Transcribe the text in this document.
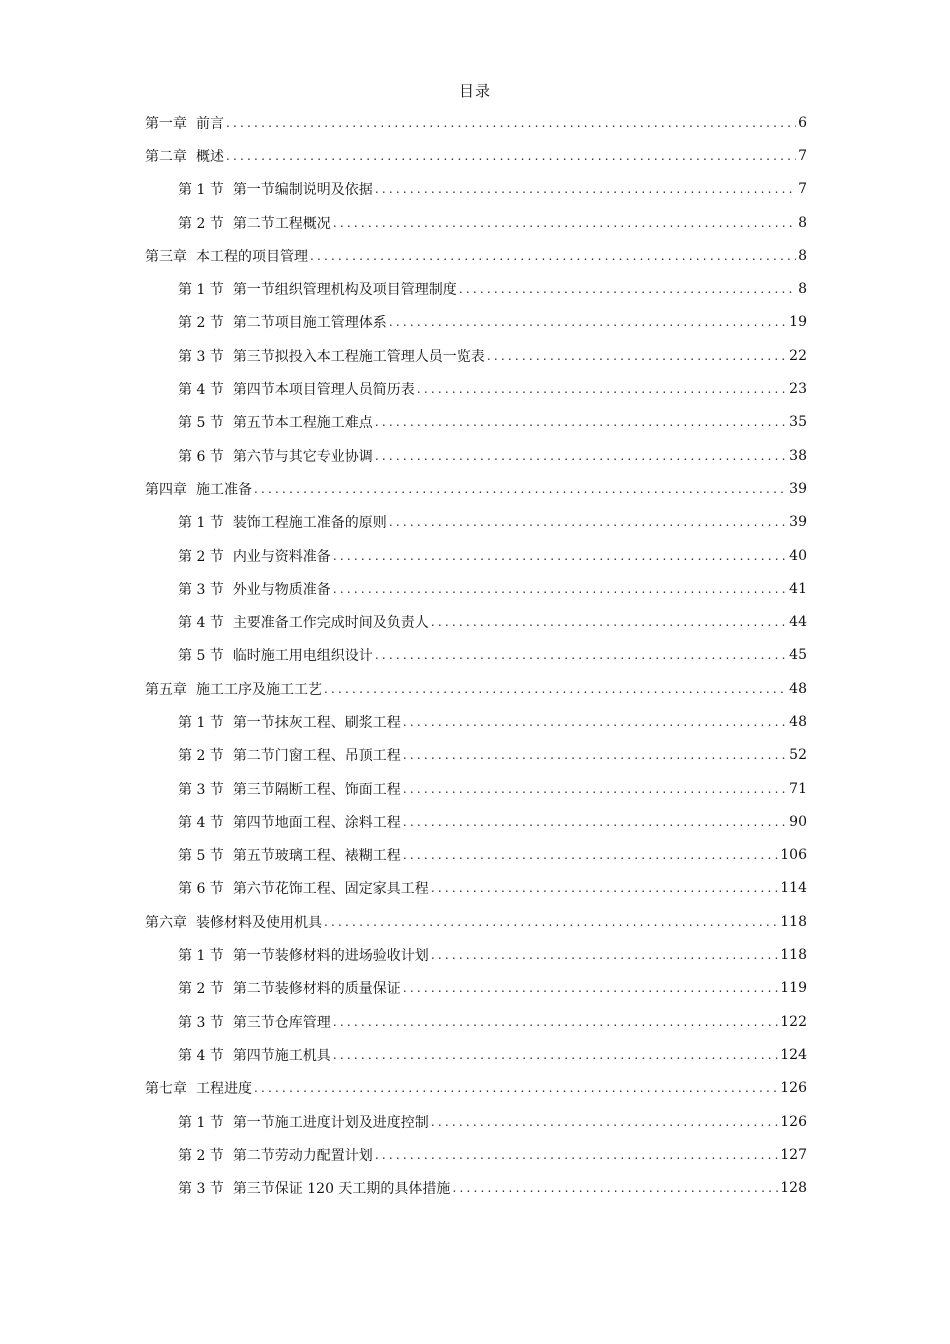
目录
第一章 前言 .....	6
第二章 概述 .....	7
第 1 节 第一节编制说明及依据 .....	7
第 2 节 第二节工程概况 .....	8
第三章 本工程的项目管理 .....	8
第 1 节 第一节组织管理机构及项目管理制度 .....	8
第 2 节 第二节项目施工管理体系 .....	19
第 3 节 第三节拟投入本工程施工管理人员一览表 .....	22
第 4 节 第四节本项目管理人员简历表 .....	23
第 5 节 第五节本工程施工难点 .....	35
第 6 节 第六节与其它专业协调 .....	38
第四章 施工准备 .....	39
第 1 节 装饰工程施工准备的原则 .....	39
第 2 节 内业与资料准备 .....	40
第 3 节 外业与物质准备 .....	41
第 4 节 主要准备工作完成时间及负责人 .....	44
第 5 节 临时施工用电组织设计 .....	45
第五章 施工工序及施工工艺 .....	48
第 1 节 第一节抹灰工程、刷浆工程 .....	48
第 2 节 第二节门窗工程、吊顶工程 .....	52
第 3 节 第三节隔断工程、饰面工程 .....	71
第 4 节 第四节地面工程、涂料工程 .....	90
第 5 节 第五节玻璃工程、裱糊工程 .....	106
第 6 节 第六节花饰工程、固定家具工程 .....	114
第六章 装修材料及使用机具 .....	118
第 1 节 第一节装修材料的进场验收计划 .....	118
第 2 节 第二节装修材料的质量保证 .....	119
第 3 节 第三节仓库管理 .....	122
第 4 节 第四节施工机具 .....	124
第七章 工程进度 .....	126
第 1 节 第一节施工进度计划及进度控制 .....	126
第 2 节 第二节劳动力配置计划 .....	127
第 3 节 第三节保证 120 天工期的具体措施 .....	128
